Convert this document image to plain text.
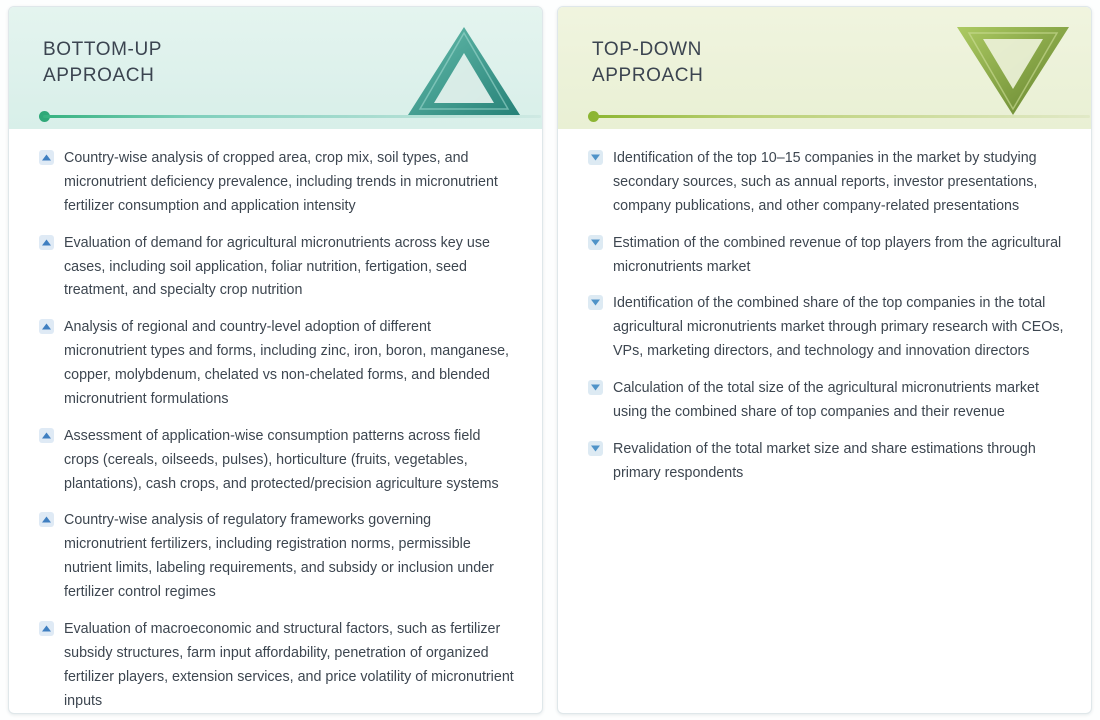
BOTTOM-UP
APPROACH
Country-wise analysis of cropped area, crop mix, soil types, and micronutrient deficiency prevalence, including trends in micronutrient fertilizer consumption and application intensity
Evaluation of demand for agricultural micronutrients across key use cases, including soil application, foliar nutrition, fertigation, seed treatment, and specialty crop nutrition
Analysis of regional and country-level adoption of different micronutrient types and forms, including zinc, iron, boron, manganese, copper, molybdenum, chelated vs non-chelated forms, and blended micronutrient formulations
Assessment of application-wise consumption patterns across field crops (cereals, oilseeds, pulses), horticulture (fruits, vegetables, plantations), cash crops, and protected/precision agriculture systems
Country-wise analysis of regulatory frameworks governing micronutrient fertilizers, including registration norms, permissible nutrient limits, labeling requirements, and subsidy or inclusion under fertilizer control regimes
Evaluation of macroeconomic and structural factors, such as fertilizer subsidy structures, farm input affordability, penetration of organized fertilizer players, extension services, and price volatility of micronutrient inputs
TOP-DOWN
APPROACH
Identification of the top 10–15 companies in the market by studying secondary sources, such as annual reports, investor presentations, company publications, and other company-related presentations
Estimation of the combined revenue of top players from the agricultural micronutrients market
Identification of the combined share of the top companies in the total agricultural micronutrients market through primary research with CEOs, VPs, marketing directors, and technology and innovation directors
Calculation of the total size of the agricultural micronutrients market using the combined share of top companies and their revenue
Revalidation of the total market size and share estimations through primary respondents
